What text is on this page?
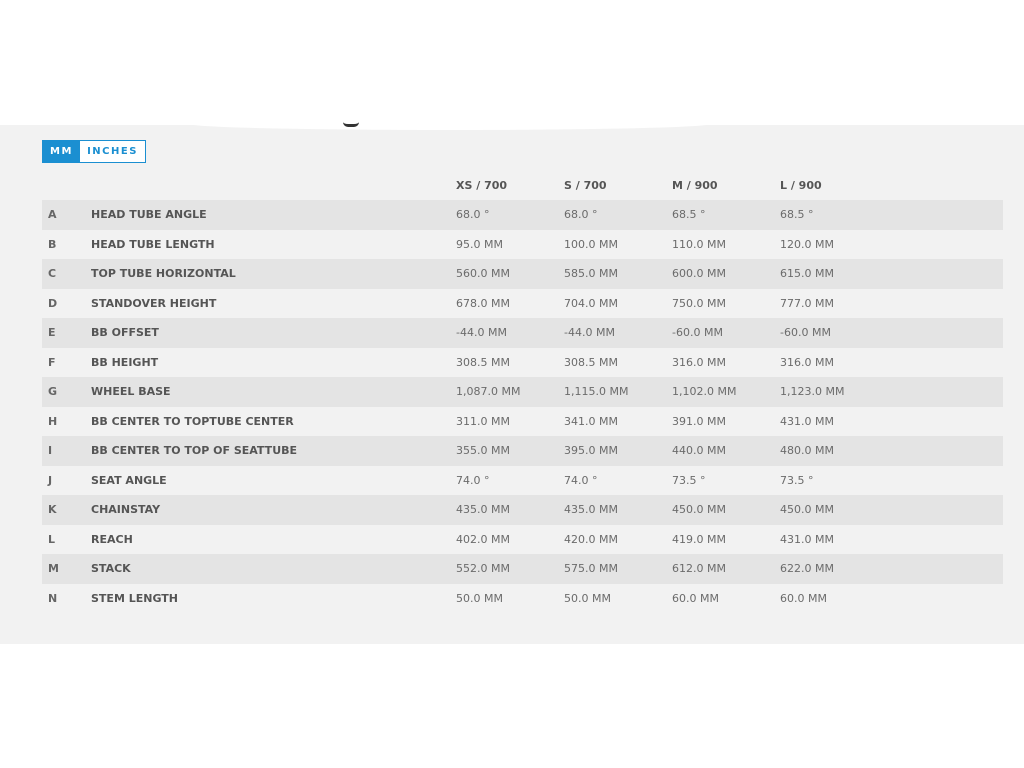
MM	INCHES
		XS / 700	S / 700	M / 900	L / 900
A	HEAD TUBE ANGLE	68.0 °	68.0 °	68.5 °	68.5 °
B	HEAD TUBE LENGTH	95.0 MM	100.0 MM	110.0 MM	120.0 MM
C	TOP TUBE HORIZONTAL	560.0 MM	585.0 MM	600.0 MM	615.0 MM
D	STANDOVER HEIGHT	678.0 MM	704.0 MM	750.0 MM	777.0 MM
E	BB OFFSET	-44.0 MM	-44.0 MM	-60.0 MM	-60.0 MM
F	BB HEIGHT	308.5 MM	308.5 MM	316.0 MM	316.0 MM
G	WHEEL BASE	1,087.0 MM	1,115.0 MM	1,102.0 MM	1,123.0 MM
H	BB CENTER TO TOPTUBE CENTER	311.0 MM	341.0 MM	391.0 MM	431.0 MM
I	BB CENTER TO TOP OF SEATTUBE	355.0 MM	395.0 MM	440.0 MM	480.0 MM
J	SEAT ANGLE	74.0 °	74.0 °	73.5 °	73.5 °
K	CHAINSTAY	435.0 MM	435.0 MM	450.0 MM	450.0 MM
L	REACH	402.0 MM	420.0 MM	419.0 MM	431.0 MM
M	STACK	552.0 MM	575.0 MM	612.0 MM	622.0 MM
N	STEM LENGTH	50.0 MM	50.0 MM	60.0 MM	60.0 MM
